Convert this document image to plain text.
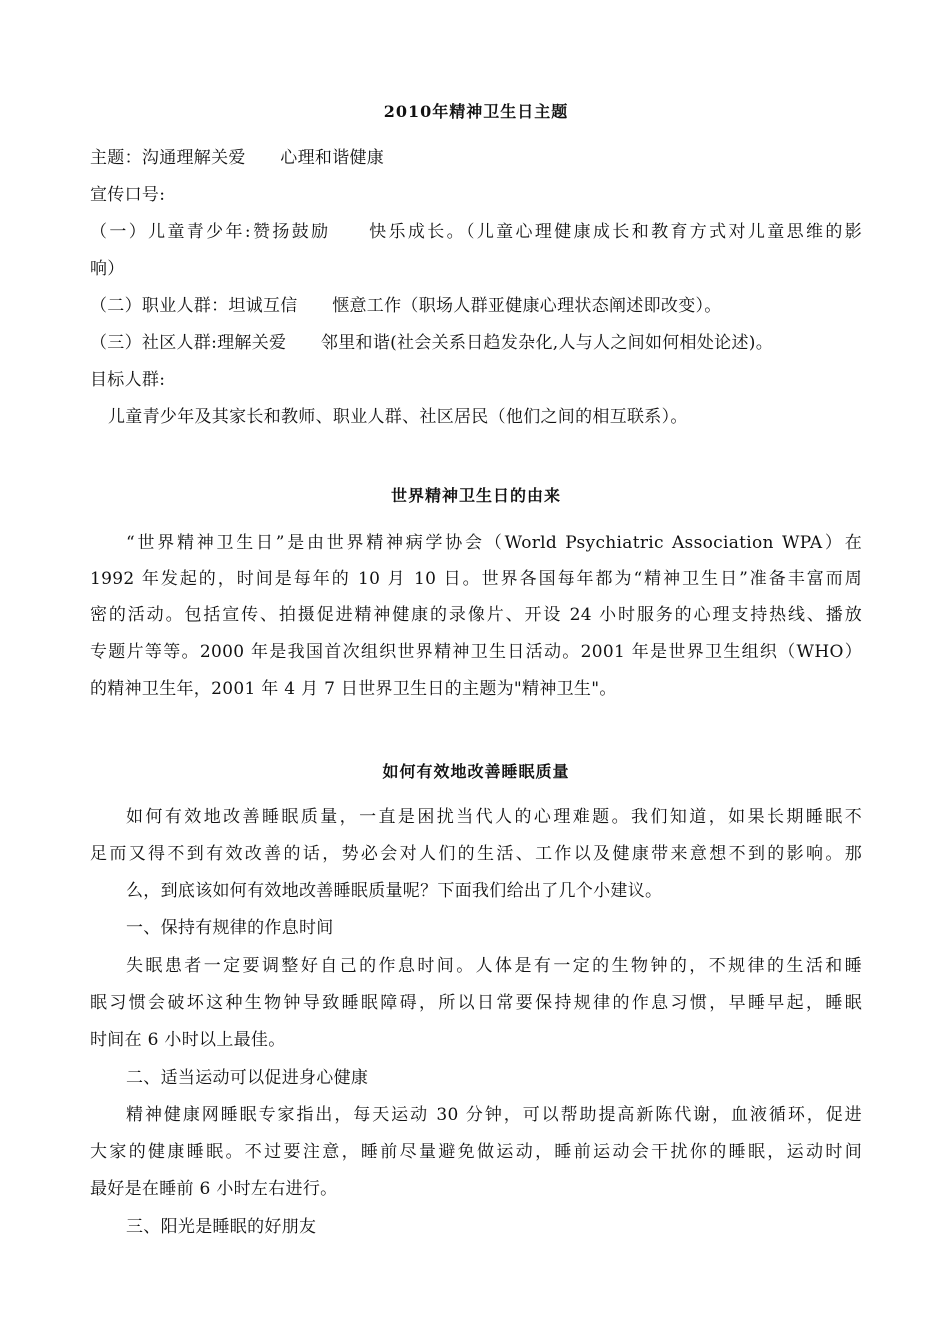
2010年精神卫生日主题
主题：沟通理解关爱　　心理和谐健康
宣传口号:
（一）儿童青少年:赞扬鼓励　　快乐成长。（儿童心理健康成长和教育方式对儿童思维的影
响）
（二）职业人群：坦诚互信　　惬意工作（职场人群亚健康心理状态阐述即改变）。
（三）社区人群:理解关爱　　邻里和谐(社会关系日趋发杂化,人与人之间如何相处论述)。
目标人群:
儿童青少年及其家长和教师、职业人群、社区居民（他们之间的相互联系）。
世界精神卫生日的由来
“世界精神卫生日”是由世界精神病学协会（World Psychiatric Association WPA）在
1992 年发起的，时间是每年的 10 月 10 日。世界各国每年都为“精神卫生日”准备丰富而周
密的活动。包括宣传、拍摄促进精神健康的录像片、开设 24 小时服务的心理支持热线、播放
专题片等等。2000 年是我国首次组织世界精神卫生日活动。2001 年是世界卫生组织（WHO）
的精神卫生年，2001 年 4 月 7 日世界卫生日的主题为"精神卫生"。
如何有效地改善睡眠质量
如何有效地改善睡眠质量，一直是困扰当代人的心理难题。我们知道，如果长期睡眠不
足而又得不到有效改善的话，势必会对人们的生活、工作以及健康带来意想不到的影响。那
么，到底该如何有效地改善睡眠质量呢？下面我们给出了几个小建议。
一、保持有规律的作息时间
失眠患者一定要调整好自己的作息时间。人体是有一定的生物钟的，不规律的生活和睡
眠习惯会破坏这种生物钟导致睡眠障碍，所以日常要保持规律的作息习惯，早睡早起，睡眠
时间在 6 小时以上最佳。
二、适当运动可以促进身心健康
精神健康网睡眠专家指出，每天运动 30 分钟，可以帮助提高新陈代谢，血液循环，促进
大家的健康睡眠。不过要注意，睡前尽量避免做运动，睡前运动会干扰你的睡眠，运动时间
最好是在睡前 6 小时左右进行。
三、阳光是睡眠的好朋友
